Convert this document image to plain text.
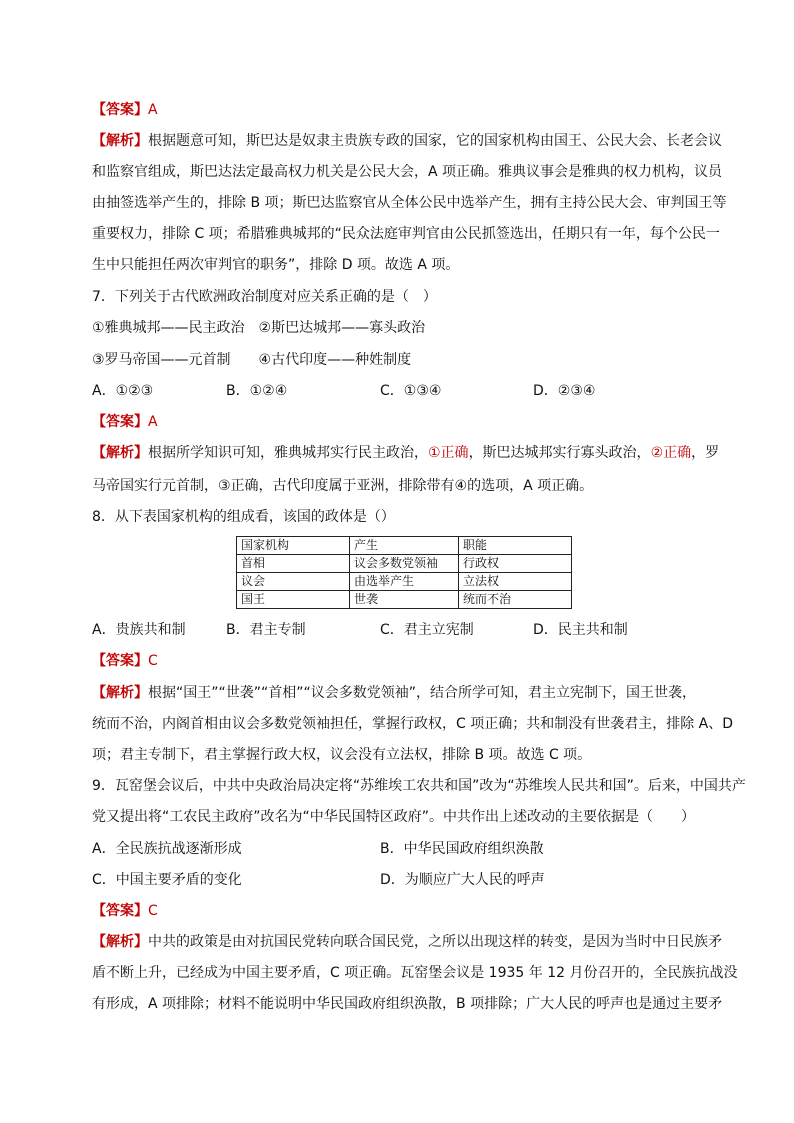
【答案】A
【解析】根据题意可知，斯巴达是奴隶主贵族专政的国家，它的国家机构由国王、公民大会、长老会议
和监察官组成，斯巴达法定最高权力机关是公民大会，A 项正确。雅典议事会是雅典的权力机构，议员
由抽签选举产生的，排除 B 项；斯巴达监察官从全体公民中选举产生，拥有主持公民大会、审判国王等
重要权力，排除 C 项；希腊雅典城邦的“民众法庭审判官由公民抓签选出，任期只有一年，每个公民一
生中只能担任两次审判官的职务”，排除 D 项。故选 A 项。
7．下列关于古代欧洲政治制度对应关系正确的是（　）
①雅典城邦——民主政治　②斯巴达城邦——寡头政治
③罗马帝国——元首制　　④古代印度——种姓制度
A．①②③	B．①②④	C．①③④	D．②③④
【答案】A
【解析】根据所学知识可知，雅典城邦实行民主政治，①正确，斯巴达城邦实行寡头政治，②正确，罗
马帝国实行元首制，③正确，古代印度属于亚洲，排除带有④的选项，A 项正确。
8．从下表国家机构的组成看，该国的政体是（）
国家机构	产生	职能
首相	议会多数党领袖	行政权
议会	由选举产生	立法权
国王	世袭	统而不治
A．贵族共和制	B．君主专制	C．君主立宪制	D．民主共和制
【答案】C
【解析】根据“国王”“世袭”“首相”“议会多数党领袖”，结合所学可知，君主立宪制下，国王世袭，
统而不治，内阁首相由议会多数党领袖担任，掌握行政权，C 项正确；共和制没有世袭君主，排除 A、D
项；君主专制下，君主掌握行政大权，议会没有立法权，排除 B 项。故选 C 项。
9．瓦窑堡会议后，中共中央政治局决定将“苏维埃工农共和国”改为“苏维埃人民共和国”。后来，中国共产
党又提出将“工农民主政府”改名为“中华民国特区政府”。中共作出上述改动的主要依据是（　　）
A．全民族抗战逐渐形成	B．中华民国政府组织涣散
C．中国主要矛盾的变化	D．为顺应广大人民的呼声
【答案】C
【解析】中共的政策是由对抗国民党转向联合国民党，之所以出现这样的转变，是因为当时中日民族矛
盾不断上升，已经成为中国主要矛盾，C 项正确。瓦窑堡会议是 1935 年 12 月份召开的，全民族抗战没
有形成，A 项排除；材料不能说明中华民国政府组织涣散，B 项排除；广大人民的呼声也是通过主要矛
